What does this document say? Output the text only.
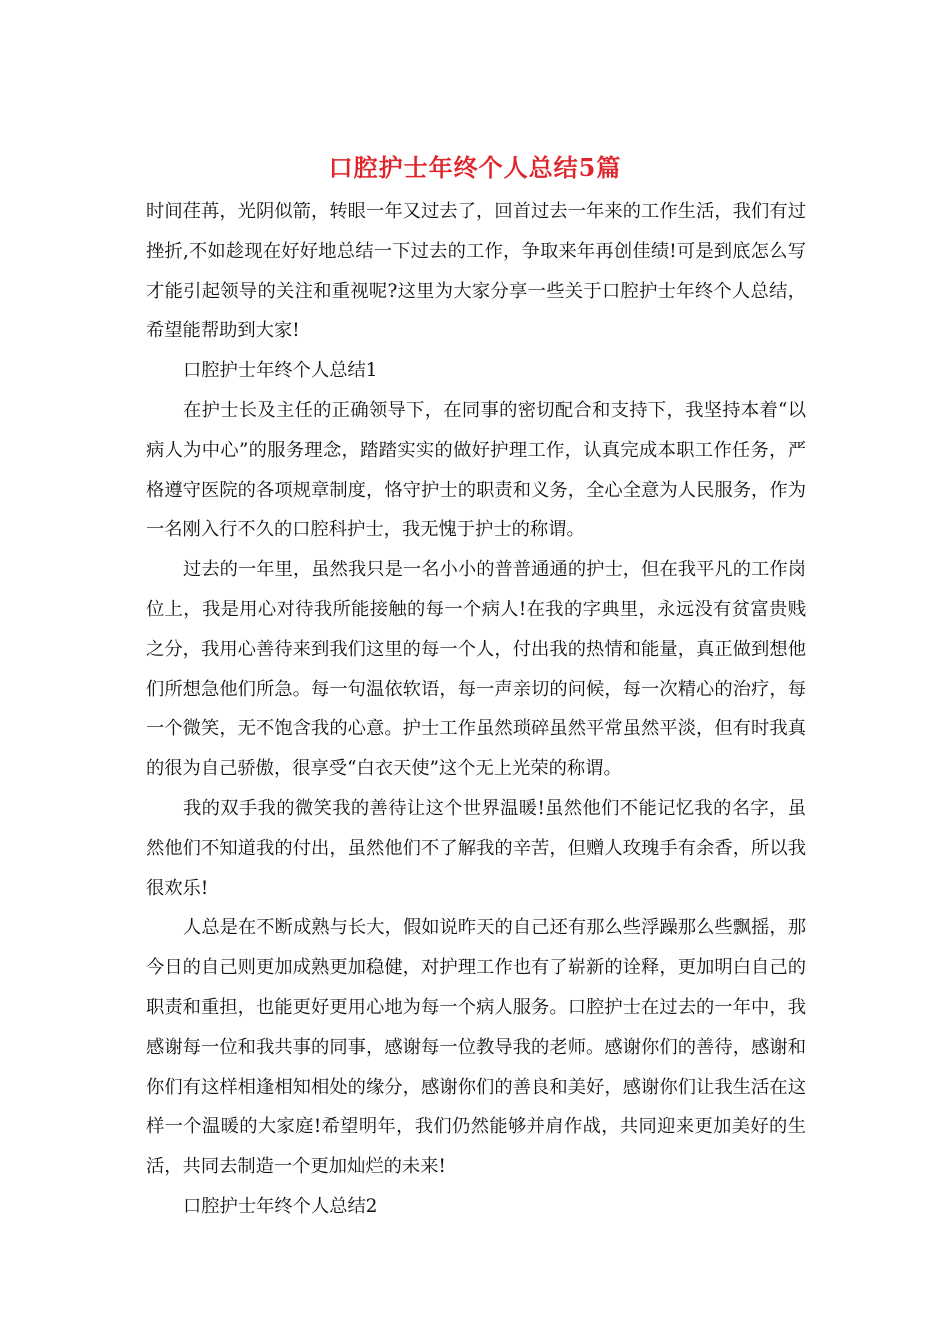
口腔护士年终个人总结5篇

时间荏苒，光阴似箭，转眼一年又过去了，回首过去一年来的工作生活，我们有过挫折,不如趁现在好好地总结一下过去的工作，争取来年再创佳绩!可是到底怎么写才能引起领导的关注和重视呢?这里为大家分享一些关于口腔护士年终个人总结，希望能帮助到大家!

口腔护士年终个人总结1

在护士长及主任的正确领导下，在同事的密切配合和支持下，我坚持本着“以病人为中心”的服务理念，踏踏实实的做好护理工作，认真完成本职工作任务，严格遵守医院的各项规章制度，恪守护士的职责和义务，全心全意为人民服务，作为一名刚入行不久的口腔科护士，我无愧于护士的称谓。

过去的一年里，虽然我只是一名小小的普普通通的护士，但在我平凡的工作岗位上，我是用心对待我所能接触的每一个病人!在我的字典里，永远没有贫富贵贱之分，我用心善待来到我们这里的每一个人，付出我的热情和能量，真正做到想他们所想急他们所急。每一句温依软语，每一声亲切的问候，每一次精心的治疗，每一个微笑，无不饱含我的心意。护士工作虽然琐碎虽然平常虽然平淡，但有时我真的很为自己骄傲，很享受“白衣天使”这个无上光荣的称谓。

我的双手我的微笑我的善待让这个世界温暖!虽然他们不能记忆我的名字，虽然他们不知道我的付出，虽然他们不了解我的辛苦，但赠人玫瑰手有余香，所以我很欢乐!

人总是在不断成熟与长大，假如说昨天的自己还有那么些浮躁那么些飘摇，那今日的自己则更加成熟更加稳健，对护理工作也有了崭新的诠释，更加明白自己的职责和重担，也能更好更用心地为每一个病人服务。口腔护士在过去的一年中，我感谢每一位和我共事的同事，感谢每一位教导我的老师。感谢你们的善待，感谢和你们有这样相逢相知相处的缘分，感谢你们的善良和美好，感谢你们让我生活在这样一个温暖的大家庭!希望明年，我们仍然能够并肩作战，共同迎来更加美好的生活，共同去制造一个更加灿烂的未来!

口腔护士年终个人总结2
